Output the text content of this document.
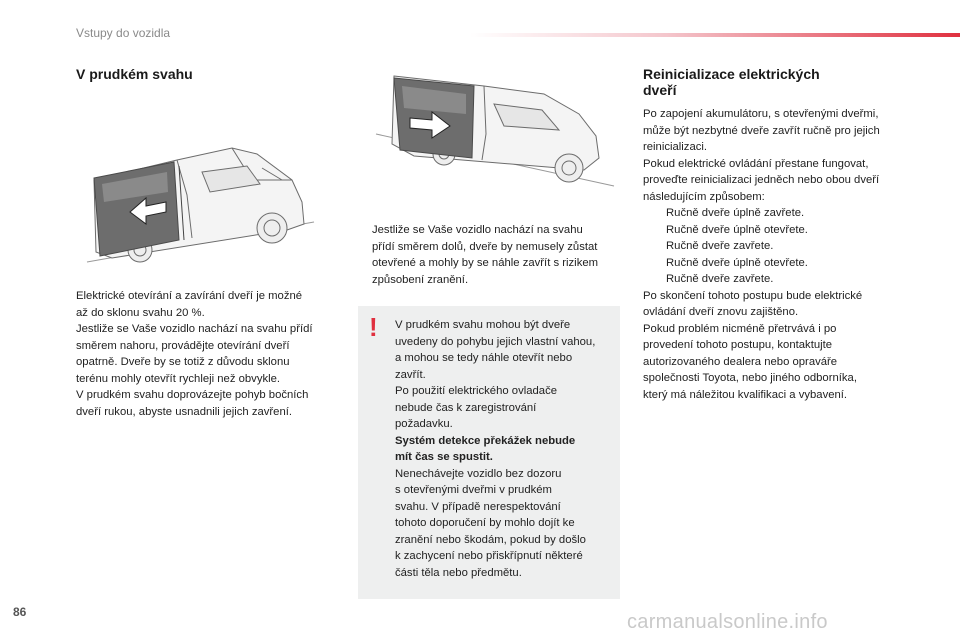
Vstupy do vozidla
V prudkém svahu
Elektrické otevírání a zavírání dveří je možné
až do sklonu svahu 20 %.
Jestliže se Vaše vozidlo nachází na svahu přídí
směrem nahoru, provádějte otevírání dveří
opatrně. Dveře by se totiž z důvodu sklonu
terénu mohly otevřít rychleji než obvykle.
V prudkém svahu doprovázejte pohyb bočních
dveří rukou, abyste usnadnili jejich zavření.
Jestliže se Vaše vozidlo nachází na svahu
přídí směrem dolů, dveře by nemusely zůstat
otevřené a mohly by se náhle zavřít s rizikem
způsobení zranění.
! V prudkém svahu mohou být dveře
uvedeny do pohybu jejich vlastní vahou,
a mohou se tedy náhle otevřít nebo
zavřít.
Po použití elektrického ovladače
nebude čas k zaregistrování
požadavku.
Systém detekce překážek nebude
mít čas se spustit.
Nenechávejte vozidlo bez dozoru
s otevřenými dveřmi v prudkém
svahu. V případě nerespektování
tohoto doporučení by mohlo dojít ke
zranění nebo škodám, pokud by došlo
k zachycení nebo přiskřípnutí některé
části těla nebo předmětu.
Reinicializace elektrických
dveří
Po zapojení akumulátoru, s otevřenými dveřmi,
může být nezbytné dveře zavřít ručně pro jejich
reinicializaci.
Pokud elektrické ovládání přestane fungovat,
proveďte reinicializaci jedněch nebo obou dveří
následujícím způsobem:
Ručně dveře úplně zavřete.
Ručně dveře úplně otevřete.
Ručně dveře zavřete.
Ručně dveře úplně otevřete.
Ručně dveře zavřete.
Po skončení tohoto postupu bude elektrické
ovládání dveří znovu zajištěno.
Pokud problém nicméně přetrvává i po
provedení tohoto postupu, kontaktujte
autorizovaného dealera nebo opraváře
společnosti Toyota, nebo jiného odborníka,
který má náležitou kvalifikaci a vybavení.
86	carmanualsonline.info
